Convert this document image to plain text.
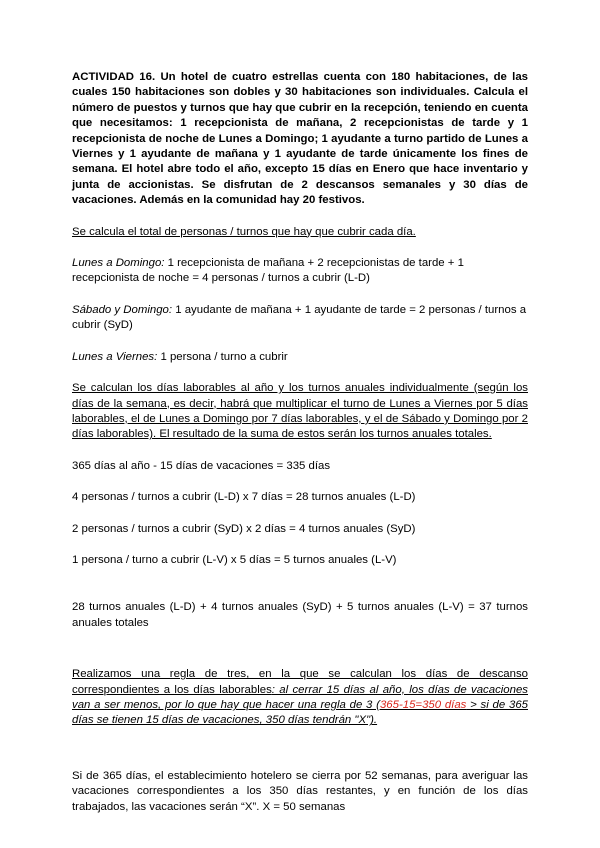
ACTIVIDAD 16. Un hotel de cuatro estrellas cuenta con 180 habitaciones, de las cuales 150 habitaciones son dobles y 30 habitaciones son individuales. Calcula el número de puestos y turnos que hay que cubrir en la recepción, teniendo en cuenta que necesitamos: 1 recepcionista de mañana, 2 recepcionistas de tarde y 1 recepcionista de noche de Lunes a Domingo; 1 ayudante a turno partido de Lunes a Viernes y 1 ayudante de mañana y 1 ayudante de tarde únicamente los fines de semana. El hotel abre todo el año, excepto 15 días en Enero que hace inventario y junta de accionistas. Se disfrutan de 2 descansos semanales y 30 días de vacaciones. Además en la comunidad hay 20 festivos.

Se calcula el total de personas / turnos que hay que cubrir cada día.

Lunes a Domingo: 1 recepcionista de mañana + 2 recepcionistas de tarde + 1 recepcionista de noche = 4 personas / turnos a cubrir (L-D)

Sábado y Domingo: 1 ayudante de mañana + 1 ayudante de tarde = 2 personas / turnos a cubrir (SyD)

Lunes a Viernes: 1 persona / turno a cubrir

Se calculan los días laborables al año y los turnos anuales individualmente (según los días de la semana, es decir, habrá que multiplicar el turno de Lunes a Viernes por 5 días laborables, el de Lunes a Domingo por 7 días laborables, y el de Sábado y Domingo por 2 días laborables). El resultado de la suma de estos serán los turnos anuales totales.

365 días al año - 15 días de vacaciones = 335 días

4 personas / turnos a cubrir (L-D) x 7 días = 28 turnos anuales (L-D)

2 personas / turnos a cubrir (SyD) x 2 días = 4 turnos anuales (SyD)

1 persona / turno a cubrir (L-V) x 5 días = 5 turnos anuales (L-V)

28 turnos anuales (L-D) + 4 turnos anuales (SyD) + 5 turnos anuales (L-V) = 37 turnos anuales totales

Realizamos una regla de tres, en la que se calculan los días de descanso correspondientes a los días laborables: al cerrar 15 días al año, los días de vacaciones van a ser menos, por lo que hay que hacer una regla de 3 (365-15=350 días > si de 365 días se tienen 15 días de vacaciones, 350 días tendrán "X").

Si de 365 días, el establecimiento hotelero se cierra por 52 semanas, para averiguar las vacaciones correspondientes a los 350 días restantes, y en función de los días trabajados, las vacaciones serán “X”. X = 50 semanas
